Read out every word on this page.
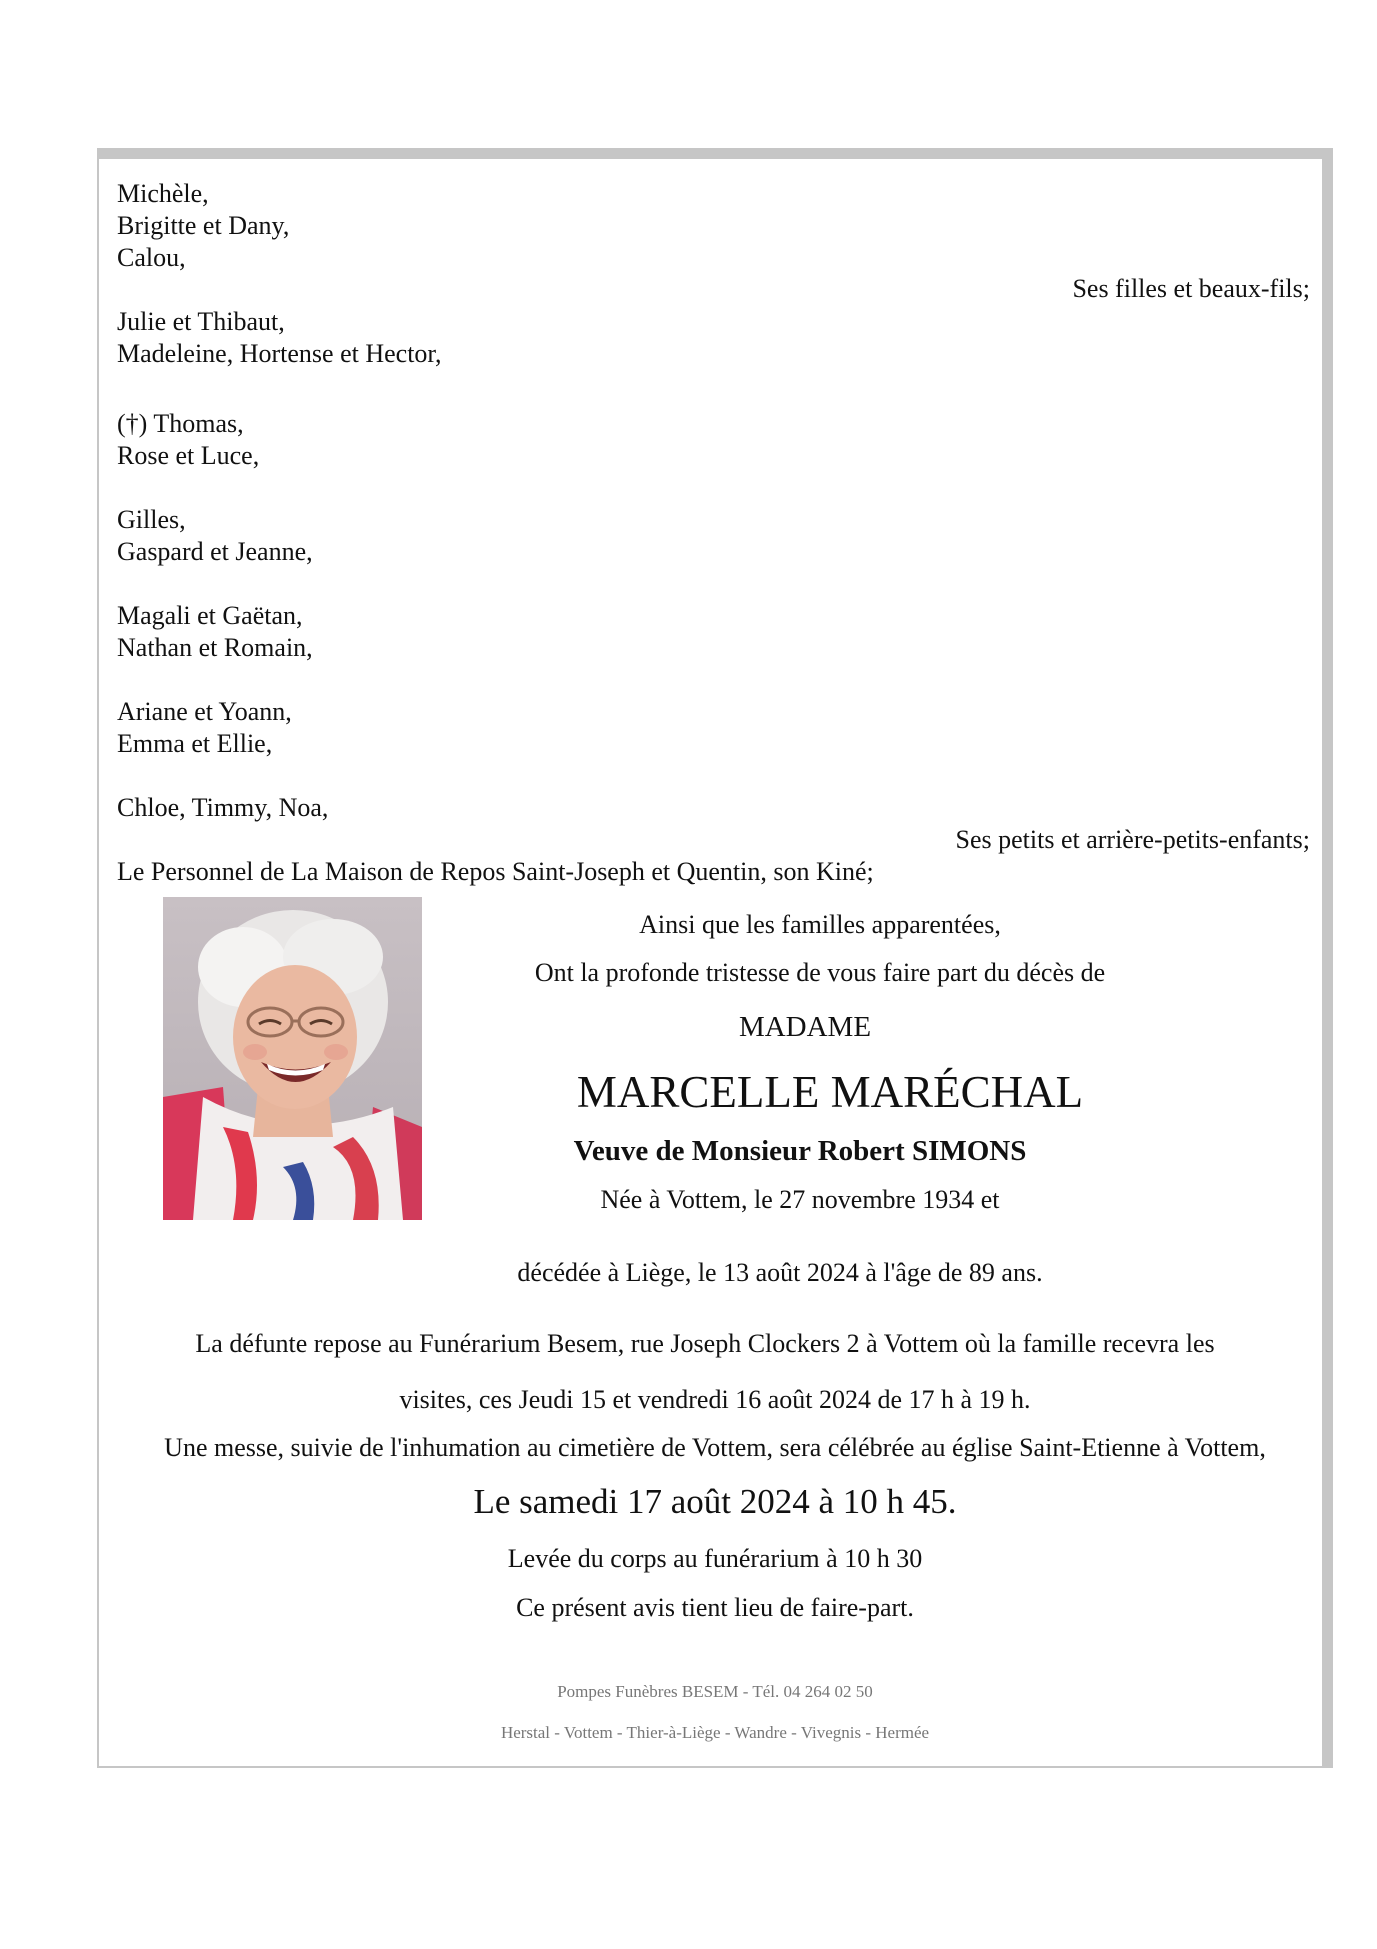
Michèle,
Brigitte et Dany,
Calou,
Ses filles et beaux-fils;
Julie et Thibaut,
Madeleine, Hortense et Hector,
(†) Thomas,
Rose et Luce,
Gilles,
Gaspard et Jeanne,
Magali et Gaëtan,
Nathan et Romain,
Ariane et Yoann,
Emma et Ellie,
Chloe, Timmy, Noa,
Ses petits et arrière-petits-enfants;
Le Personnel de La Maison de Repos Saint-Joseph et Quentin, son Kiné;
Ainsi que les familles apparentées,
Ont la profonde tristesse de vous faire part du décès de
MADAME
MARCELLE MARÉCHAL
Veuve de Monsieur Robert SIMONS
Née à Vottem, le 27 novembre 1934 et
décédée à Liège, le 13 août 2024 à l'âge de 89 ans.
La défunte repose au Funérarium Besem, rue Joseph Clockers 2 à Vottem où la famille recevra les
visites, ces Jeudi 15 et vendredi 16 août 2024 de 17 h à 19 h.
Une messe, suivie de l'inhumation au cimetière de Vottem, sera célébrée au église Saint-Etienne à Vottem,
Le samedi 17 août 2024 à 10 h 45.
Levée du corps au funérarium à 10 h 30
Ce présent avis tient lieu de faire-part.
Pompes Funèbres BESEM - Tél. 04 264 02 50
Herstal - Vottem - Thier-à-Liège - Wandre - Vivegnis - Hermée
